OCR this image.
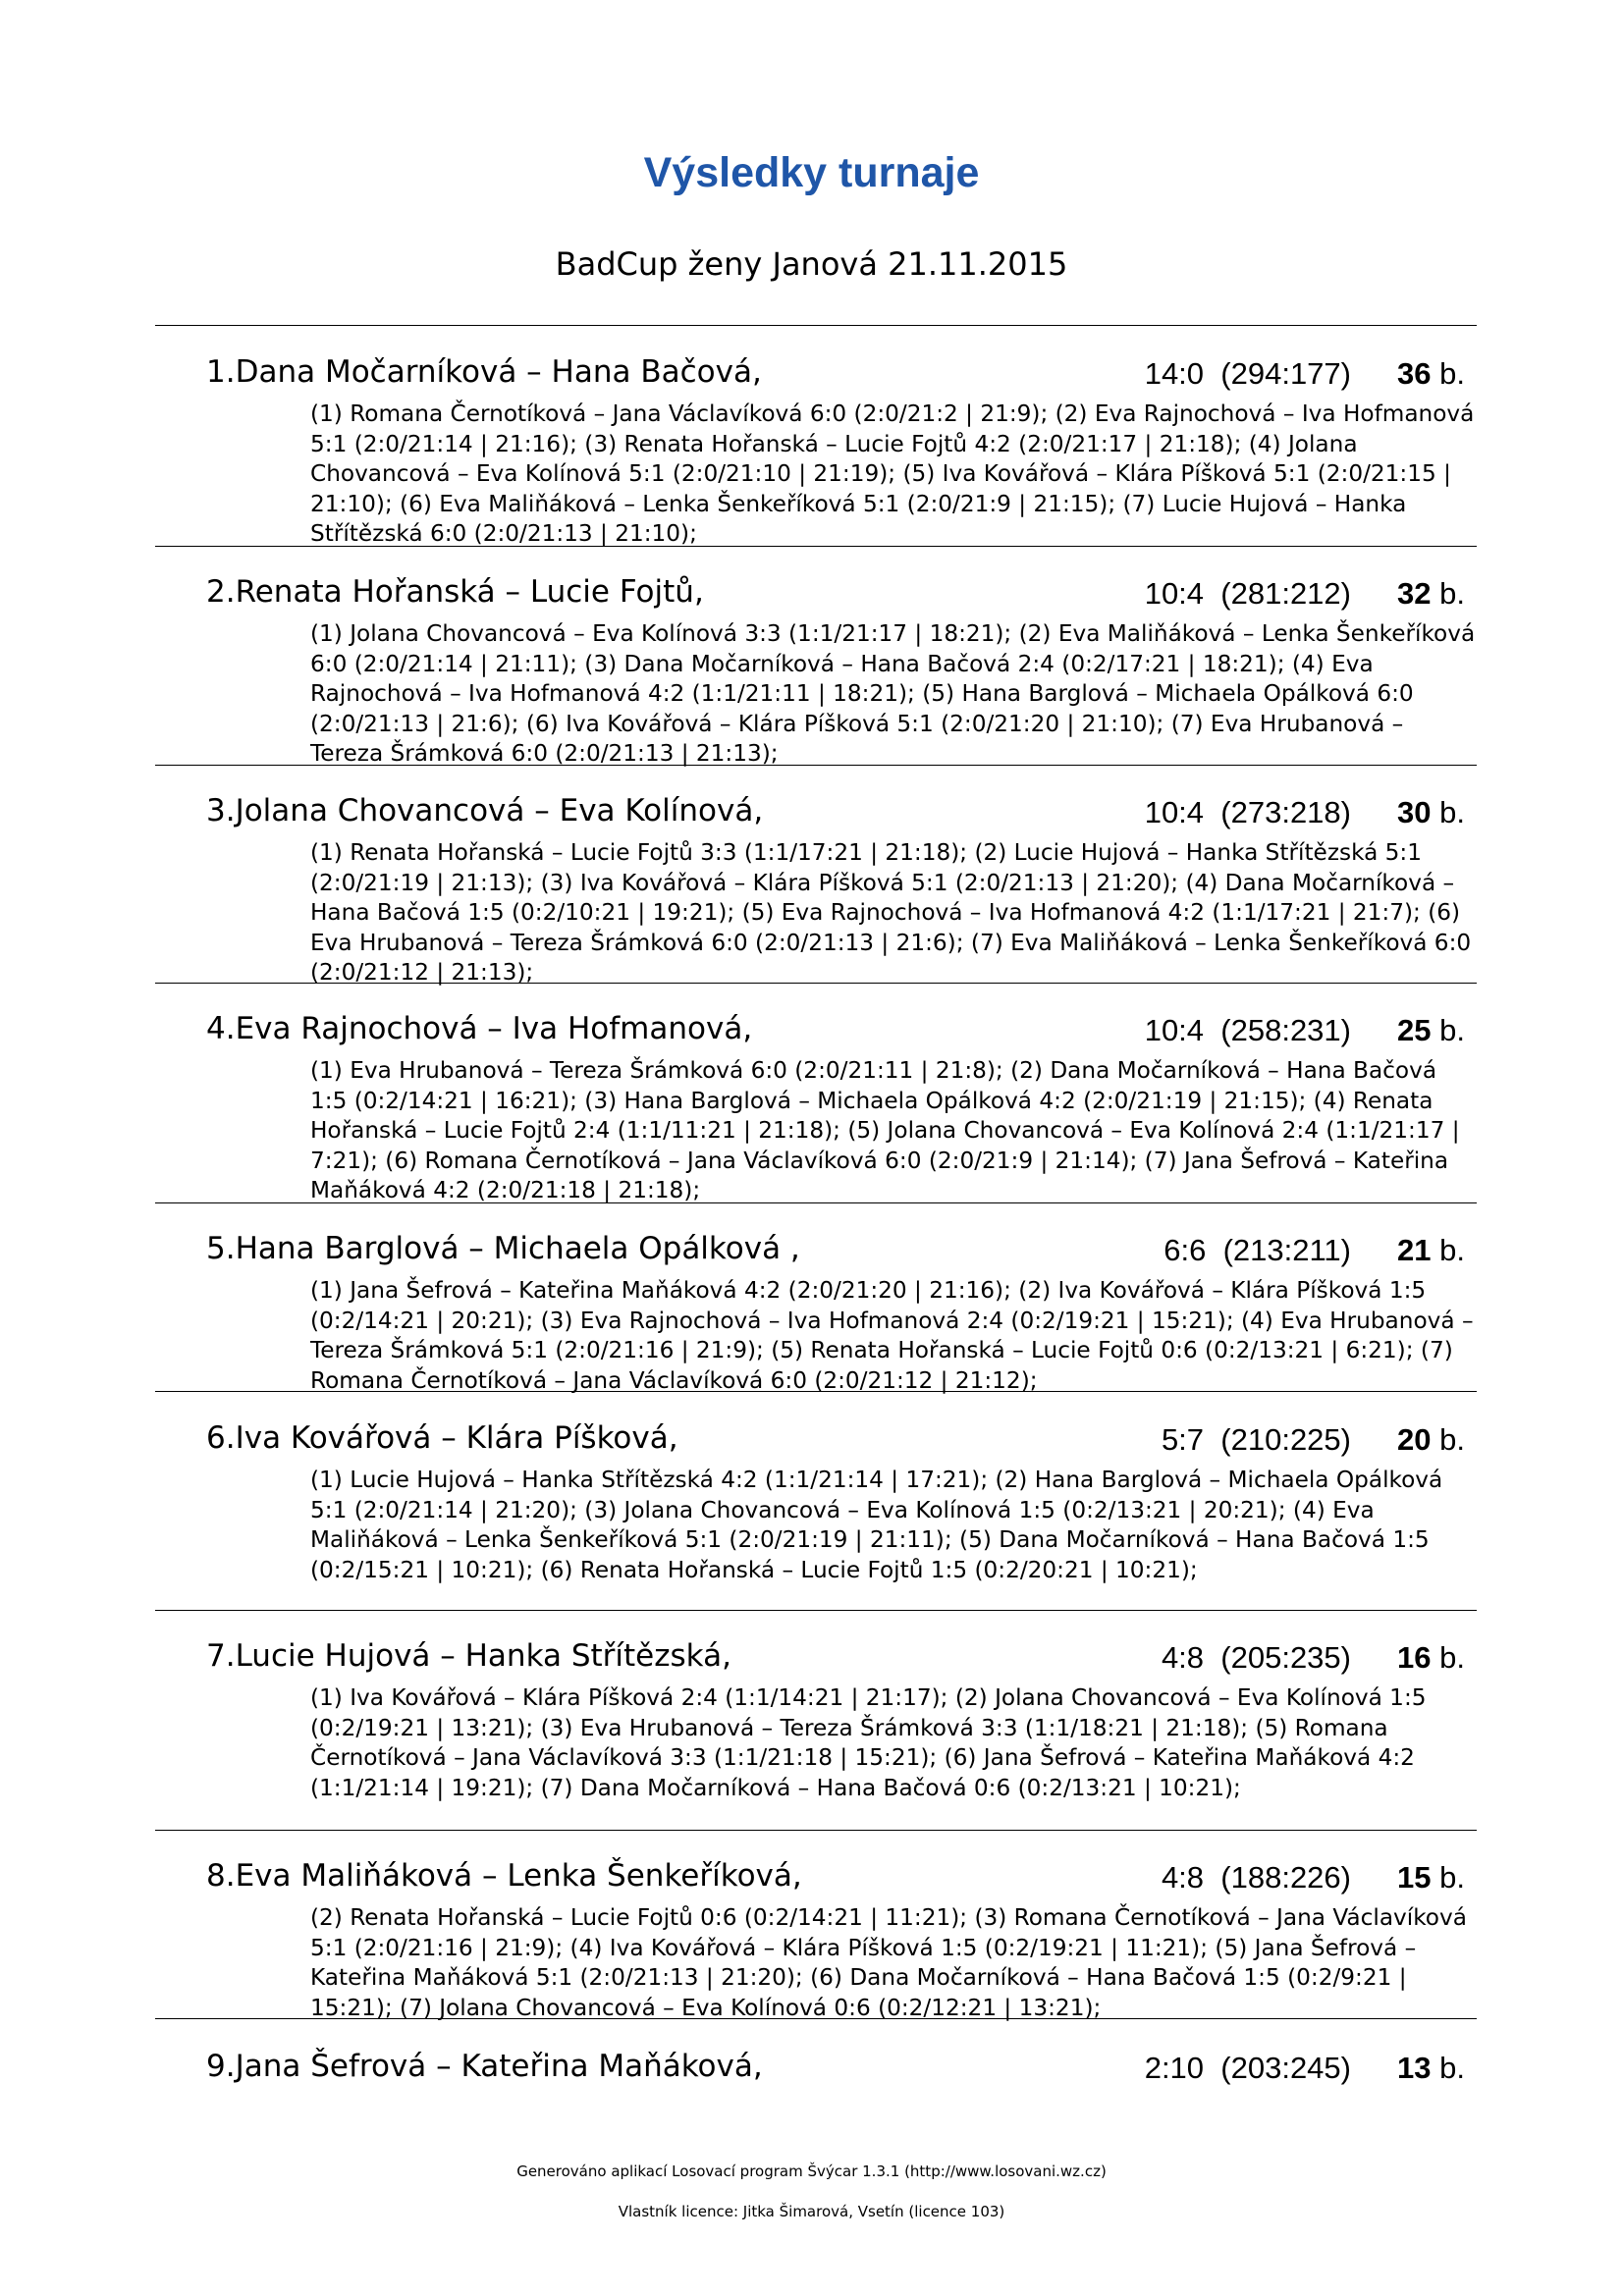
Výsledky turnaje
BadCup ženy Janová 21.11.2015
1.Dana Močarníková – Hana Bačová,	14:0 (294:177) 36 b.
(1) Romana Černotíková – Jana Václavíková 6:0 (2:0/21:2 | 21:9); (2) Eva Rajnochová – Iva Hofmanová 5:1 (2:0/21:14 | 21:16); (3) Renata Hořanská – Lucie Fojtů 4:2 (2:0/21:17 | 21:18); (4) Jolana Chovancová – Eva Kolínová 5:1 (2:0/21:10 | 21:19); (5) Iva Kovářová – Klára Píšková 5:1 (2:0/21:15 | 21:10); (6) Eva Maliňáková – Lenka Šenkeříková 5:1 (2:0/21:9 | 21:15); (7) Lucie Hujová – Hanka Střítězská 6:0 (2:0/21:13 | 21:10);
2.Renata Hořanská – Lucie Fojtů,	10:4 (281:212) 32 b.
(1) Jolana Chovancová – Eva Kolínová 3:3 (1:1/21:17 | 18:21); (2) Eva Maliňáková – Lenka Šenkeříková 6:0 (2:0/21:14 | 21:11); (3) Dana Močarníková – Hana Bačová 2:4 (0:2/17:21 | 18:21); (4) Eva Rajnochová – Iva Hofmanová 4:2 (1:1/21:11 | 18:21); (5) Hana Barglová – Michaela Opálková 6:0 (2:0/21:13 | 21:6); (6) Iva Kovářová – Klára Píšková 5:1 (2:0/21:20 | 21:10); (7) Eva Hrubanová – Tereza Šrámková 6:0 (2:0/21:13 | 21:13);
3.Jolana Chovancová – Eva Kolínová,	10:4 (273:218) 30 b.
(1) Renata Hořanská – Lucie Fojtů 3:3 (1:1/17:21 | 21:18); (2) Lucie Hujová – Hanka Střítězská 5:1 (2:0/21:19 | 21:13); (3) Iva Kovářová – Klára Píšková 5:1 (2:0/21:13 | 21:20); (4) Dana Močarníková – Hana Bačová 1:5 (0:2/10:21 | 19:21); (5) Eva Rajnochová – Iva Hofmanová 4:2 (1:1/17:21 | 21:7); (6) Eva Hrubanová – Tereza Šrámková 6:0 (2:0/21:13 | 21:6); (7) Eva Maliňáková – Lenka Šenkeříková 6:0 (2:0/21:12 | 21:13);
4.Eva Rajnochová – Iva Hofmanová,	10:4 (258:231) 25 b.
(1) Eva Hrubanová – Tereza Šrámková 6:0 (2:0/21:11 | 21:8); (2) Dana Močarníková – Hana Bačová 1:5 (0:2/14:21 | 16:21); (3) Hana Barglová – Michaela Opálková 4:2 (2:0/21:19 | 21:15); (4) Renata Hořanská – Lucie Fojtů 2:4 (1:1/11:21 | 21:18); (5) Jolana Chovancová – Eva Kolínová 2:4 (1:1/21:17 | 7:21); (6) Romana Černotíková – Jana Václavíková 6:0 (2:0/21:9 | 21:14); (7) Jana Šefrová – Kateřina Maňáková 4:2 (2:0/21:18 | 21:18);
5.Hana Barglová – Michaela Opálková ,	6:6 (213:211) 21 b.
(1) Jana Šefrová – Kateřina Maňáková 4:2 (2:0/21:20 | 21:16); (2) Iva Kovářová – Klára Píšková 1:5 (0:2/14:21 | 20:21); (3) Eva Rajnochová – Iva Hofmanová 2:4 (0:2/19:21 | 15:21); (4) Eva Hrubanová – Tereza Šrámková 5:1 (2:0/21:16 | 21:9); (5) Renata Hořanská – Lucie Fojtů 0:6 (0:2/13:21 | 6:21); (7) Romana Černotíková – Jana Václavíková 6:0 (2:0/21:12 | 21:12);
6.Iva Kovářová – Klára Píšková,	5:7 (210:225) 20 b.
(1) Lucie Hujová – Hanka Střítězská 4:2 (1:1/21:14 | 17:21); (2) Hana Barglová – Michaela Opálková 5:1 (2:0/21:14 | 21:20); (3) Jolana Chovancová – Eva Kolínová 1:5 (0:2/13:21 | 20:21); (4) Eva Maliňáková – Lenka Šenkeříková 5:1 (2:0/21:19 | 21:11); (5) Dana Močarníková – Hana Bačová 1:5 (0:2/15:21 | 10:21); (6) Renata Hořanská – Lucie Fojtů 1:5 (0:2/20:21 | 10:21);
7.Lucie Hujová – Hanka Střítězská,	4:8 (205:235) 16 b.
(1) Iva Kovářová – Klára Píšková 2:4 (1:1/14:21 | 21:17); (2) Jolana Chovancová – Eva Kolínová 1:5 (0:2/19:21 | 13:21); (3) Eva Hrubanová – Tereza Šrámková 3:3 (1:1/18:21 | 21:18); (5) Romana Černotíková – Jana Václavíková 3:3 (1:1/21:18 | 15:21); (6) Jana Šefrová – Kateřina Maňáková 4:2 (1:1/21:14 | 19:21); (7) Dana Močarníková – Hana Bačová 0:6 (0:2/13:21 | 10:21);
8.Eva Maliňáková – Lenka Šenkeříková,	4:8 (188:226) 15 b.
(2) Renata Hořanská – Lucie Fojtů 0:6 (0:2/14:21 | 11:21); (3) Romana Černotíková – Jana Václavíková 5:1 (2:0/21:16 | 21:9); (4) Iva Kovářová – Klára Píšková 1:5 (0:2/19:21 | 11:21); (5) Jana Šefrová – Kateřina Maňáková 5:1 (2:0/21:13 | 21:20); (6) Dana Močarníková – Hana Bačová 1:5 (0:2/9:21 | 15:21); (7) Jolana Chovancová – Eva Kolínová 0:6 (0:2/12:21 | 13:21);
9.Jana Šefrová – Kateřina Maňáková,	2:10 (203:245) 13 b.
Generováno aplikací Losovací program Švýcar 1.3.1 (http://www.losovani.wz.cz)
Vlastník licence: Jitka Šimarová, Vsetín (licence 103)
